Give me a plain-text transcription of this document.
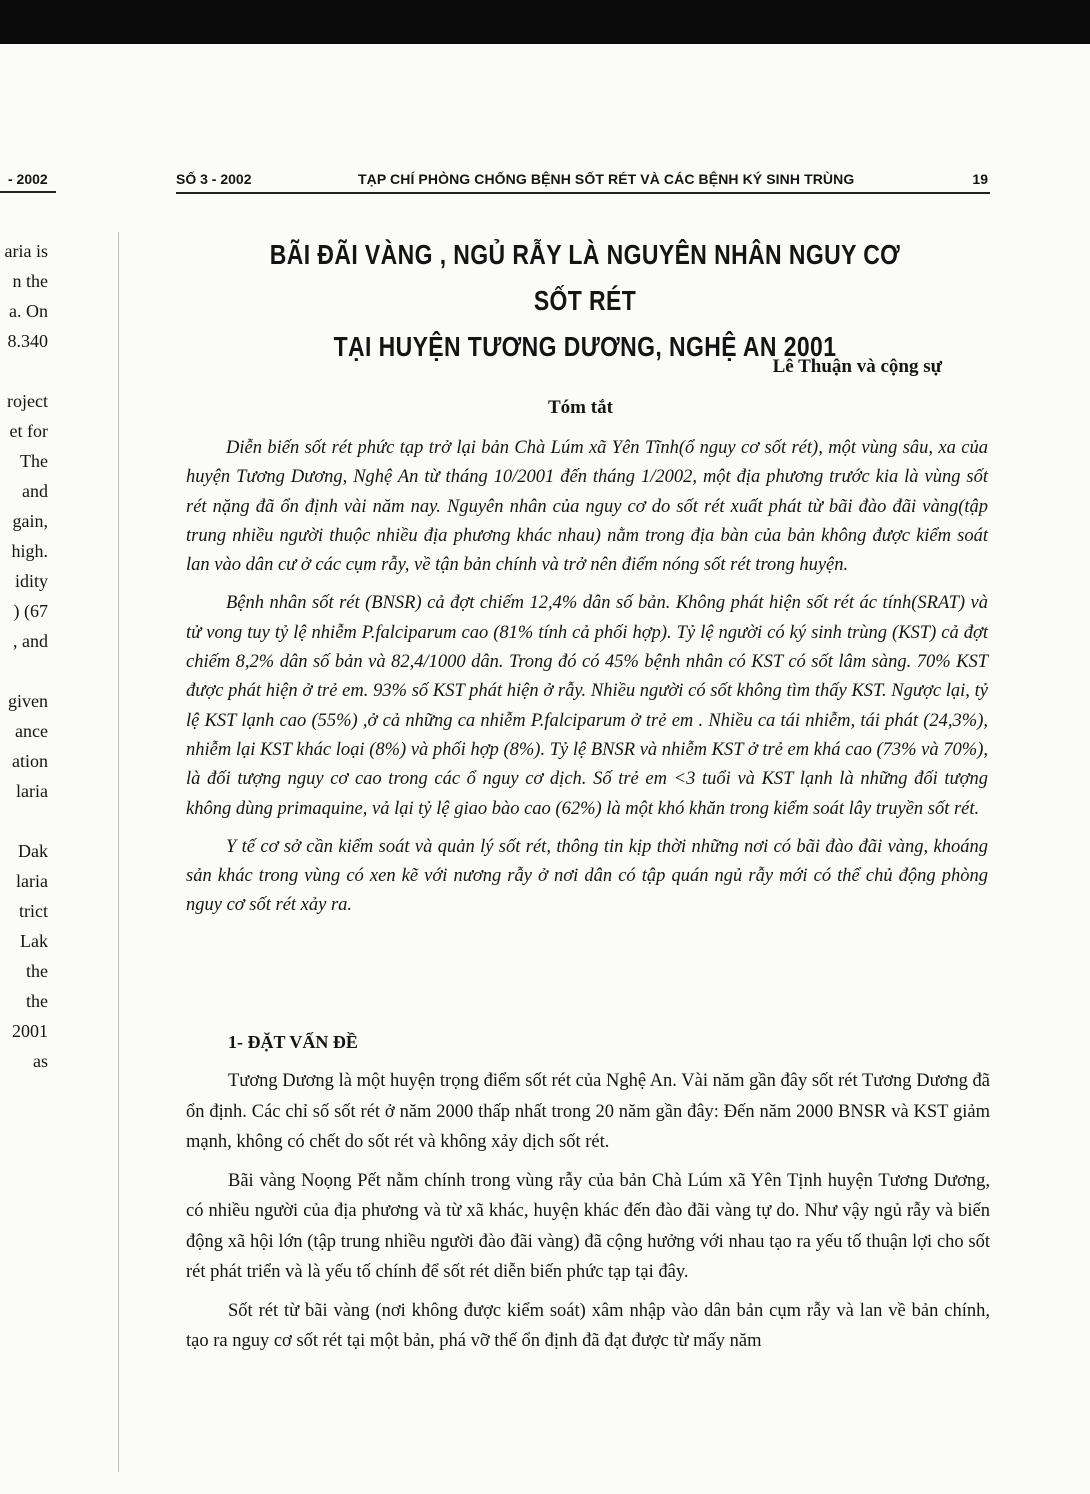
- 2002
aria is
n the
a. On
8.340

roject
et for
The
and
gain,
high.
idity
) (67
, and

given
ance
ation
laria

Dak
laria
trict
Lak
the
the
2001
as
SỐ 3 - 2002	TẠP CHÍ PHÒNG CHỐNG BỆNH SỐT RÉT VÀ CÁC BỆNH KÝ SINH TRÙNG	19
BÃI ĐÃI VÀNG , NGỦ RẪY LÀ NGUYÊN NHÂN NGUY CƠ SỐT RÉT
TẠI HUYỆN TƯƠNG DƯƠNG, NGHỆ AN 2001
Lê Thuận và cộng sự
Tóm tắt

Diễn biến sốt rét phức tạp trở lại bản Chà Lúm xã Yên Tĩnh(ổ nguy cơ sốt rét), một vùng sâu, xa của huyện Tương Dương, Nghệ An từ tháng 10/2001 đến tháng 1/2002, một địa phương trước kia là vùng sốt rét nặng đã ổn định vài năm nay. Nguyên nhân của nguy cơ do sốt rét xuất phát từ bãi đào đãi vàng(tập trung nhiều người thuộc nhiều địa phương khác nhau) nằm trong địa bàn của bản không được kiểm soát lan vào dân cư ở các cụm rẫy, về tận bản chính và trở nên điểm nóng sốt rét trong huyện.

Bệnh nhân sốt rét (BNSR) cả đợt chiếm 12,4% dân số bản. Không phát hiện sốt rét ác tính(SRAT) và tử vong tuy tỷ lệ nhiễm P.falciparum cao (81% tính cả phối hợp). Tỷ lệ người có ký sinh trùng (KST) cả đợt chiếm 8,2% dân số bản và 82,4/1000 dân. Trong đó có 45% bệnh nhân có KST có sốt lâm sàng. 70% KST được phát hiện ở trẻ em. 93% số KST phát hiện ở rẫy. Nhiều người có sốt không tìm thấy KST. Ngược lại, tỷ lệ KST lạnh cao (55%) ,ở cả những ca nhiễm P.falciparum ở trẻ em . Nhiều ca tái nhiễm, tái phát (24,3%), nhiễm lại KST khác loại (8%) và phối hợp (8%). Tỷ lệ BNSR và nhiễm KST ở trẻ em khá cao (73% và 70%), là đối tượng nguy cơ cao trong các ổ nguy cơ dịch. Số trẻ em <3 tuổi và KST lạnh là những đối tượng không dùng primaquine, vả lại tỷ lệ giao bào cao (62%) là một khó khăn trong kiểm soát lây truyền sốt rét.

Y tế cơ sở cần kiểm soát và quản lý sốt rét, thông tin kịp thời những nơi có bãi đào đãi vàng, khoáng sản khác trong vùng có xen kẽ với nương rẫy ở nơi dân có tập quán ngủ rẫy mới có thể chủ động phòng nguy cơ sốt rét xảy ra.

1- ĐẶT VẤN ĐỀ

Tương Dương là một huyện trọng điểm sốt rét của Nghệ An. Vài năm gần đây sốt rét Tương Dương đã ổn định. Các chỉ số sốt rét ở năm 2000 thấp nhất trong 20 năm gần đây: Đến năm 2000 BNSR và KST giảm mạnh, không có chết do sốt rét và không xảy dịch sốt rét.

Bãi vàng Noọng Pết nằm chính trong vùng rẫy của bản Chà Lúm xã Yên Tịnh huyện Tương Dương, có nhiều người của địa phương và từ xã khác, huyện khác đến đào đãi vàng tự do. Như vậy ngủ rẫy và biến động xã hội lớn (tập trung nhiều người đào đãi vàng) đã cộng hưởng với nhau tạo ra yếu tố thuận lợi cho sốt rét phát triển và là yếu tố chính để sốt rét diễn biến phức tạp tại đây.

Sốt rét từ bãi vàng (nơi không được kiểm soát) xâm nhập vào dân bản cụm rẫy và lan về bản chính, tạo ra nguy cơ sốt rét tại một bản, phá vỡ thế ổn định đã đạt được từ mấy năm
